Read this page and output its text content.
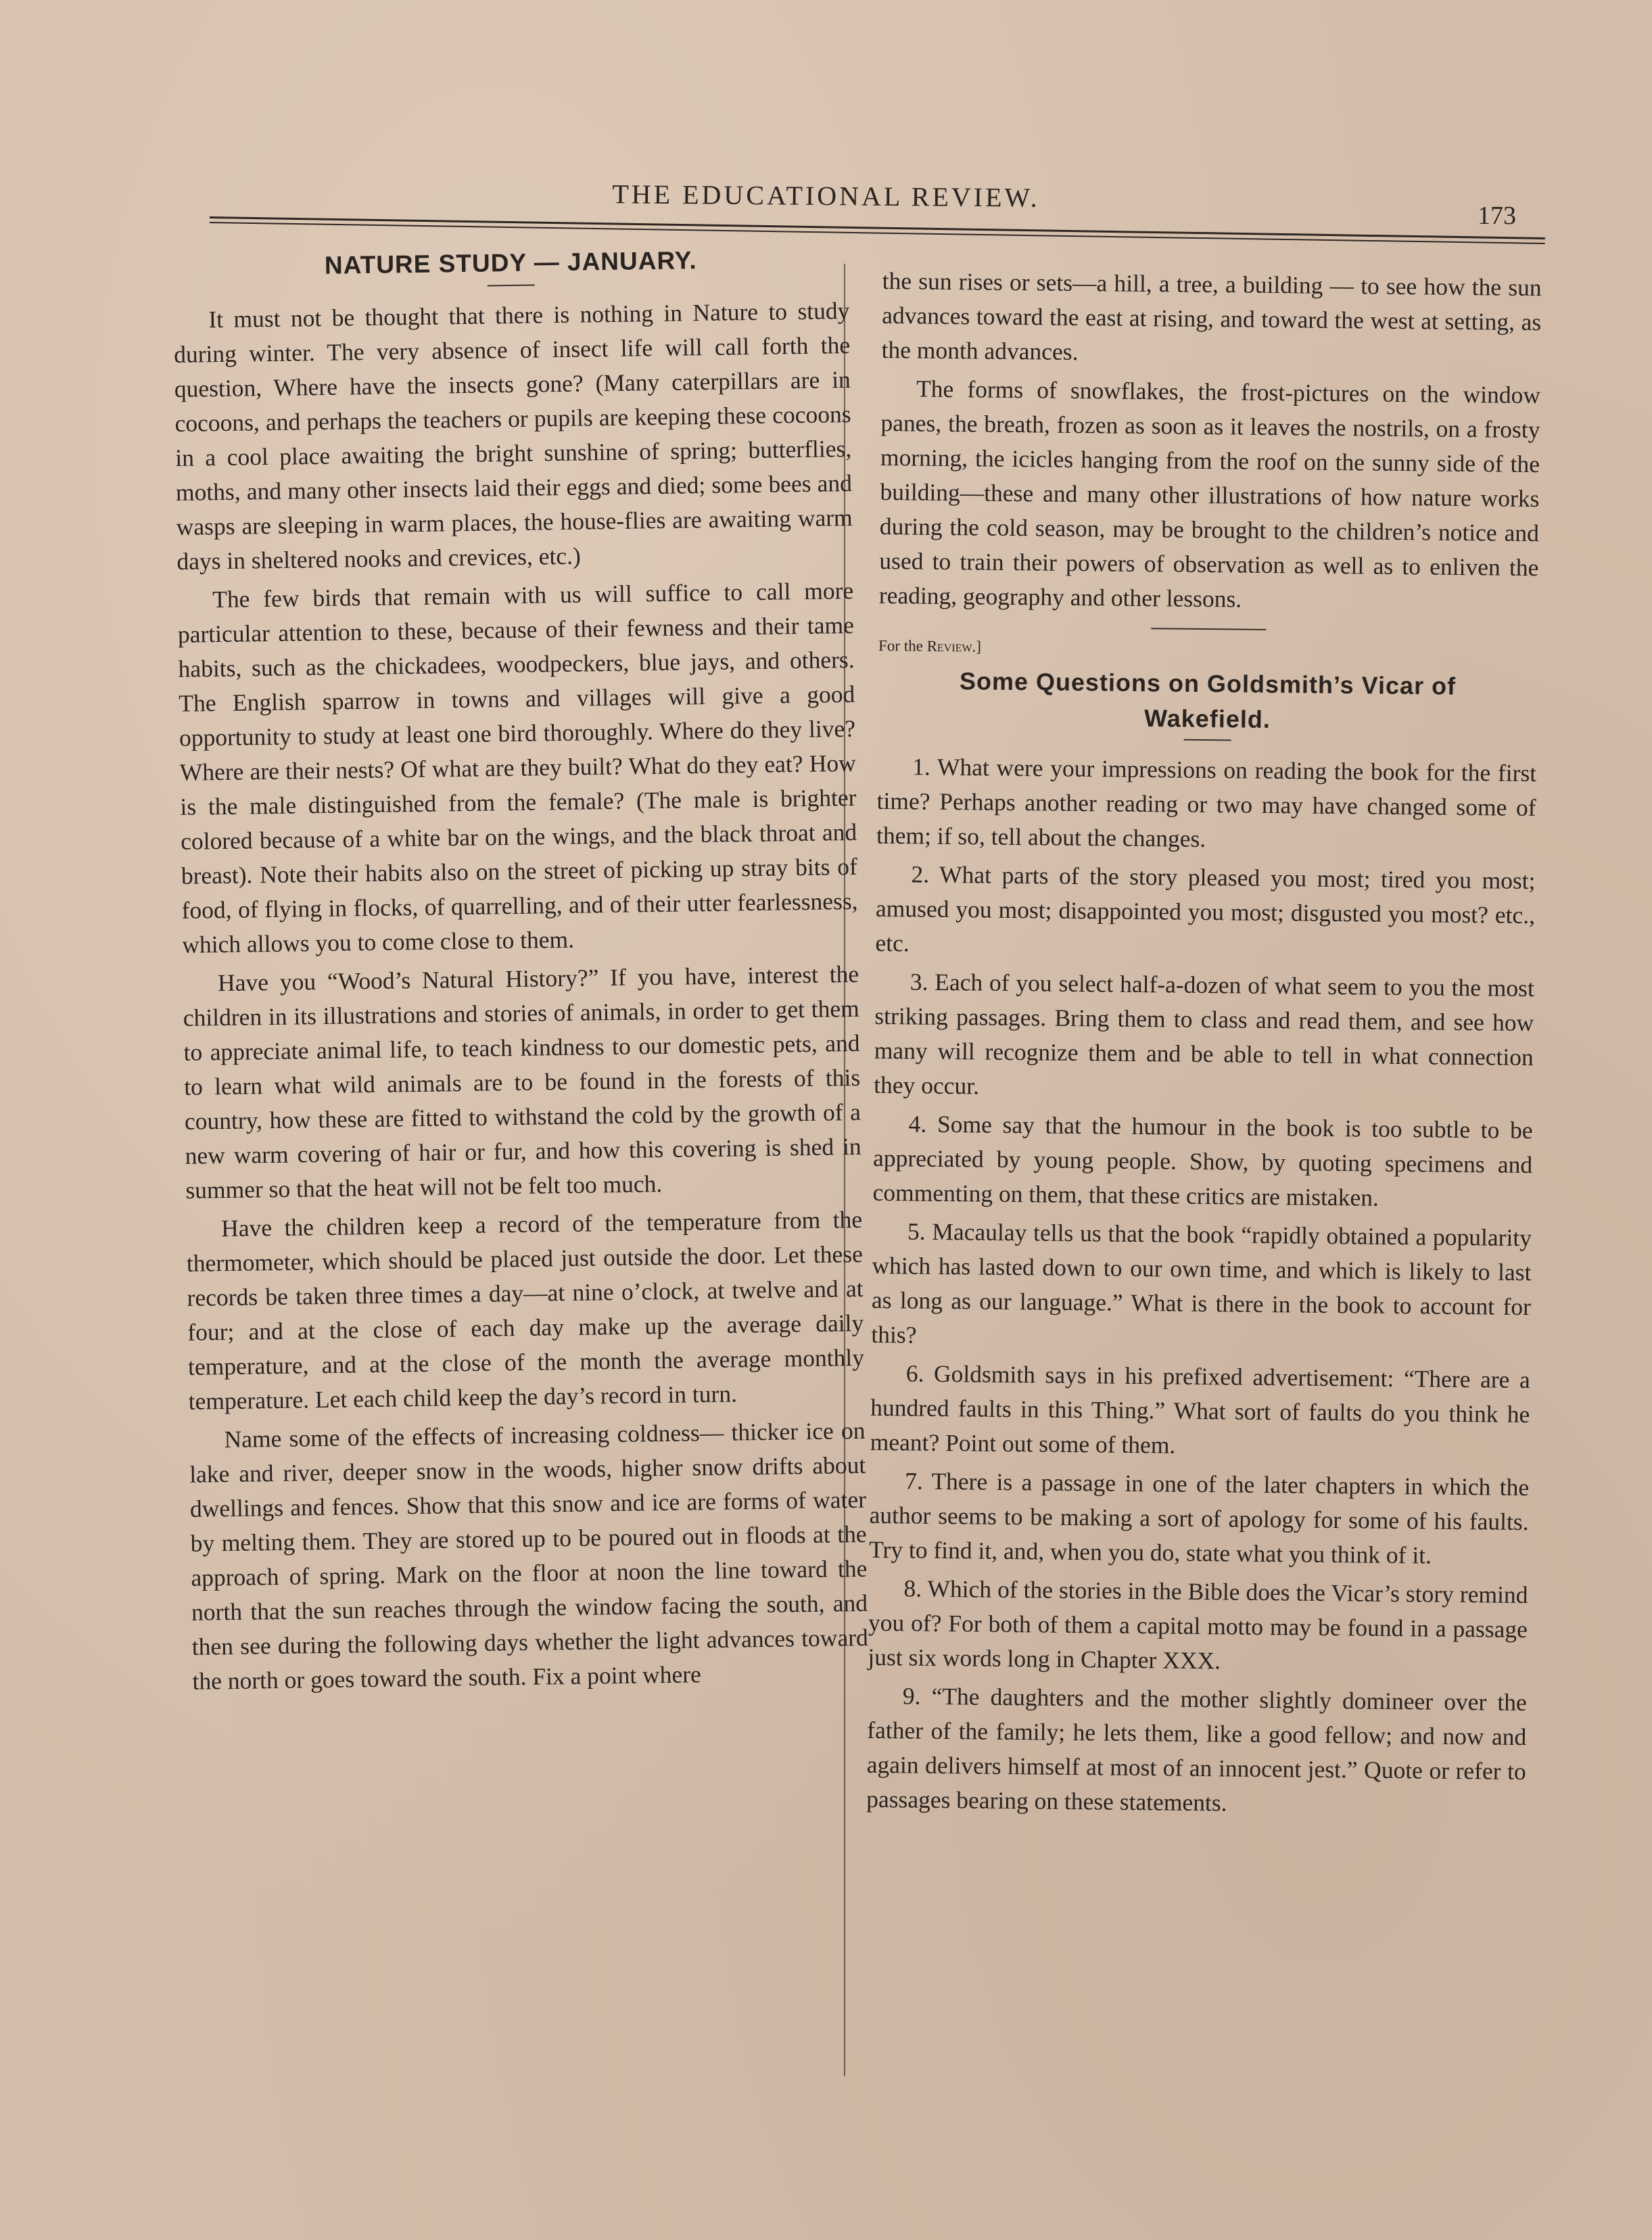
THE EDUCATIONAL REVIEW.
173
NATURE STUDY — JANUARY.

It must not be thought that there is nothing in Nature to study during winter. The very absence of insect life will call forth the question, Where have the insects gone? (Many caterpillars are in cocoons, and perhaps the teachers or pupils are keeping these cocoons in a cool place awaiting the bright sunshine of spring; butterflies, moths, and many other insects laid their eggs and died; some bees and wasps are sleeping in warm places, the house-flies are awaiting warm days in sheltered nooks and crevices, etc.)

The few birds that remain with us will suffice to call more particular attention to these, because of their fewness and their tame habits, such as the chickadees, woodpeckers, blue jays, and others. The English sparrow in towns and villages will give a good opportunity to study at least one bird thoroughly. Where do they live? Where are their nests? Of what are they built? What do they eat? How is the male distinguished from the female? (The male is brighter colored because of a white bar on the wings, and the black throat and breast). Note their habits also on the street of picking up stray bits of food, of flying in flocks, of quarrelling, and of their utter fearlessness, which allows you to come close to them.

Have you “Wood’s Natural History?” If you have, interest the children in its illustrations and stories of animals, in order to get them to appreciate animal life, to teach kindness to our domestic pets, and to learn what wild animals are to be found in the forests of this country, how these are fitted to withstand the cold by the growth of a new warm covering of hair or fur, and how this covering is shed in summer so that the heat will not be felt too much.

Have the children keep a record of the temperature from the thermometer, which should be placed just outside the door. Let these records be taken three times a day—at nine o’clock, at twelve and at four; and at the close of each day make up the average daily temperature, and at the close of the month the average monthly temperature. Let each child keep the day’s record in turn.

Name some of the effects of increasing coldness— thicker ice on lake and river, deeper snow in the woods, higher snow drifts about dwellings and fences. Show that this snow and ice are forms of water by melting them. They are stored up to be poured out in floods at the approach of spring. Mark on the floor at noon the line toward the north that the sun reaches through the window facing the south, and then see during the following days whether the light advances toward the north or goes toward the south. Fix a point where

the sun rises or sets—a hill, a tree, a building — to see how the sun advances toward the east at rising, and toward the west at setting, as the month advances.

The forms of snowflakes, the frost-pictures on the window panes, the breath, frozen as soon as it leaves the nostrils, on a frosty morning, the icicles hanging from the roof on the sunny side of the building—these and many other illustrations of how nature works during the cold season, may be brought to the children’s notice and used to train their powers of observation as well as to enliven the reading, geography and other lessons.

For the Review.]

Some Questions on Goldsmith’s Vicar of
Wakefield.

1. What were your impressions on reading the book for the first time? Perhaps another reading or two may have changed some of them; if so, tell about the changes.

2. What parts of the story pleased you most; tired you most; amused you most; disappointed you most; disgusted you most? etc., etc.

3. Each of you select half-a-dozen of what seem to you the most striking passages. Bring them to class and read them, and see how many will recognize them and be able to tell in what connection they occur.

4. Some say that the humour in the book is too subtle to be appreciated by young people. Show, by quoting specimens and commenting on them, that these critics are mistaken.

5. Macaulay tells us that the book “rapidly obtained a popularity which has lasted down to our own time, and which is likely to last as long as our language.” What is there in the book to account for this?

6. Goldsmith says in his prefixed advertisement: “There are a hundred faults in this Thing.” What sort of faults do you think he meant? Point out some of them.

7. There is a passage in one of the later chapters in which the author seems to be making a sort of apology for some of his faults. Try to find it, and, when you do, state what you think of it.

8. Which of the stories in the Bible does the Vicar’s story remind you of? For both of them a capital motto may be found in a passage just six words long in Chapter XXX.

9. “The daughters and the mother slightly domineer over the father of the family; he lets them, like a good fellow; and now and again delivers himself at most of an innocent jest.” Quote or refer to passages bearing on these statements.
